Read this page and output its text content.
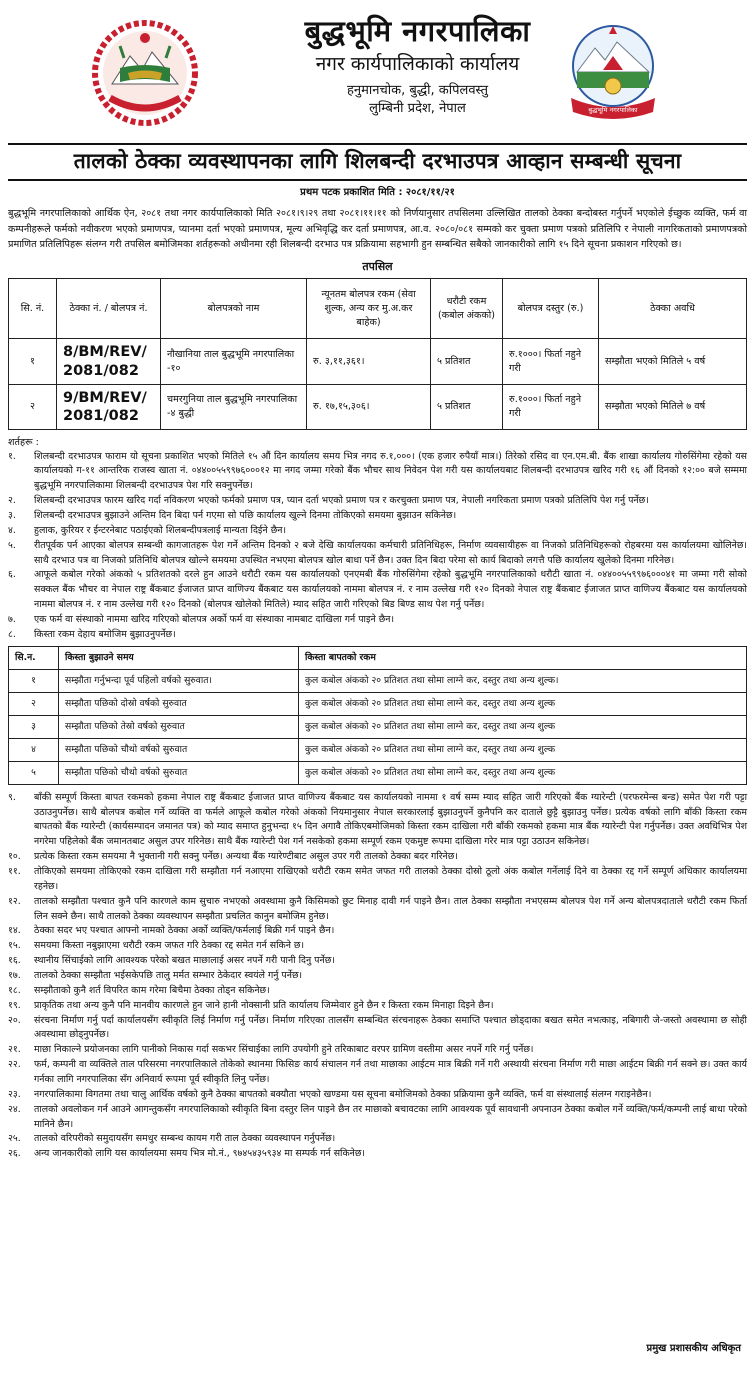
बुद्धभूमि नगरपालिका
नगर कार्यपालिकाको कार्यालय
हनुमानचोक, बुद्धी, कपिलवस्तु
लुम्बिनी प्रदेश, नेपाल	बुद्धभूमि नगरपालिका
तालको ठेक्का व्यवस्थापनका लागि शिलबन्दी दरभाउपत्र आव्हान सम्बन्धी सूचना
प्रथम पटक प्रकाशित मिति : २०८१/११/२१
बुद्धभूमि नगरपालिकाको आर्थिक ऐन, २०८१ तथा नगर कार्यपालिकाको मिति २०८१।९।२९ तथा २०८१।११।११ को निर्णयानुसार तपसिलमा उल्लिखित तालको ठेक्का बन्दोबस्त गर्नुपर्ने भएकोले ईच्छुक व्यक्ति, फर्म वा कम्पनीहरूले फर्मको नवीकरण भएको प्रमाणपत्र, प्यानमा दर्ता भएको प्रमाणपत्र, मूल्य अभिवृद्धि कर दर्ता प्रमाणपत्र, आ.व. २०८०/०८१ सम्मको कर चुक्ता प्रमाण पत्रको प्रतिलिपि र नेपाली नागरिकताको प्रमाणपत्रको प्रमाणित प्रतिलिपिहरू संलग्न गरी तपसिल बमोजिमका शर्तहरूको अधीनमा रही शिलबन्दी दरभाउ पत्र प्रक्रियामा सहभागी हुन सम्बन्धित सबैको जानकारीको लागि १५ दिने सूचना प्रकाशन गरिएको छ।
तपसिल
सि. नं.	ठेक्का नं. / बोलपत्र नं.	बोलपत्रको नाम	न्यूनतम बोलपत्र रकम (सेवा शुल्क, अन्य कर मु.अ.कर बाहेक)	धरौटी रकम (कबोल अंकको)	बोलपत्र दस्तुर (रु.)	ठेक्का अवधि
१	8/BM/REV/ 2081/082	नौखानिया ताल बुद्धभूमि नगरपालिका -१०	रु. ३,११,३६१।	५ प्रतिशत	रु.१०००। फिर्ता नहुने गरी	सम्झौता भएको मितिले ५ वर्ष
२	9/BM/REV/ 2081/082	चमरगुनिया ताल बुद्धभूमि नगरपालिका -४ बुद्धी	रु. १७,१५,३०६।	५ प्रतिशत	रु.१०००। फिर्ता नहुने गरी	सम्झौता भएको मितिले ७ वर्ष
शर्तहरू :
१.	शिलबन्दी दरभाउपत्र फाराम यो सूचना प्रकाशित भएको मितिले १५ औं दिन कार्यालय समय भित्र नगद रु.१,०००। (एक हजार रुपैयाँ मात्र।) तिरेको रसिद वा एन.एम.बी. बैंक शाखा कार्यालय गोरुसिंगेमा रहेको यस कार्यालयको ग-११ आन्तरिक राजस्व खाता नं. ०४४००५५९९७६०००१२ मा नगद जम्मा गरेको बैंक भौचर साथ निवेदन पेश गरी यस कार्यालयबाट शिलबन्दी दरभाउपत्र खरिद गरी १६ औं दिनको १२:०० बजे सम्ममा बुद्धभूमि नगरपालिकामा शिलबन्दी दरभाउपत्र पेश गरि सक्नुपर्नेछ।
२.	शिलबन्दी दरभाउपत्र फारम खरिद गर्दा नविकरण भएको फर्मको प्रमाण पत्र, प्यान दर्ता भएको प्रमाण पत्र र करचुक्ता प्रमाण पत्र, नेपाली नगरिकता प्रमाण पत्रको प्रतिलिपि पेश गर्नु पर्नेछ।
३.	शिलबन्दी दरभाउपत्र बुझाउने अन्तिम दिन बिदा पर्न गएमा सो पछि कार्यालय खुल्ने दिनमा तोकिएको समयमा बुझाउन सकिनेछ।
४.	हुलाक, कुरियर र ईन्टरनेबाट पठाईएको शिलबन्दीपत्रलाई मान्यता दिईने छैन।
५.	रीतपूर्वक पर्न आएका बोलपत्र सम्बन्धी कागजातहरू पेश गर्ने अन्तिम दिनको २ बजे देखि कार्यालयका कर्मचारी प्रतिनिधिहरू, निर्माण व्यवसायीहरू वा निजको प्रतिनिधिहरूको रोहबरमा यस कार्यालयमा खोलिनेछ। साथै दरभाउ पत्र वा निजको प्रतिनिधि बोलपत्र खोल्ने समयमा उपस्थित नभएमा बोलपत्र खोल बाधा पर्ने छैन। उक्त दिन बिदा परेमा सो कार्य बिदाको लगत्तै पछि कार्यालय खुलेको दिनमा गरिनेछ।
६.	आफूले कबोल गरेको अंकको ५ प्रतिशतको दरले हुन आउने धरौटी रकम यस कार्यालयको एनएमबी बैंक गोरुसिंगेमा रहेको बुद्धभूमि नगरपालिकाको धरौटी खाता नं. ०४४००५५९९७६०००४१ मा जम्मा गरी सोको सक्कल बैंक भौचर वा नेपाल राष्ट्र बैंकबाट ईजाजत प्राप्त वाणिज्य बैंकबाट यस कार्यालयको नाममा बोलपत्र नं. र नाम उल्लेख गरी १२० दिनको नेपाल राष्ट्र बैंकबाट ईजाजत प्राप्त वाणिज्य बैंकबाट यस कार्यालयको नाममा बोलपत्र नं. र नाम उल्लेख गरी १२० दिनको (बोलपत्र खोलेको मितिले) म्याद सहित जारी गरिएको बिड बिण्ड साथ पेश गर्नु पर्नेछ।
७.	एक फर्म वा संस्थाको नाममा खरिद गरिएको बोलपत्र अर्को फर्म वा संस्थाका नामबाट दाखिला गर्न पाइने छैन।
८.	किस्ता रकम देहाय बमोजिम बुझाउनुपर्नेछ।
सि.न.	किस्ता बुझाउने समय	किस्ता बापतको रकम
१	सम्झौता गर्नुभन्दा पूर्व पहिलो वर्षको सुरुवात।	कुल कबोल अंकको २० प्रतिशत तथा सोमा लाग्ने कर, दस्तुर तथा अन्य शुल्क।
२	सम्झौता पछिको दोस्रो वर्षको सुरुवात	कुल कबोल अंकको २० प्रतिशत तथा सोमा लाग्ने कर, दस्तुर तथा अन्य शुल्क
३	सम्झौता पछिको तेस्रो वर्षको सुरुवात	कुल कबोल अंकको २० प्रतिशत तथा सोमा लाग्ने कर, दस्तुर तथा अन्य शुल्क
४	सम्झौता पछिको चौथो वर्षको सुरुवात	कुल कबोल अंकको २० प्रतिशत तथा सोमा लाग्ने कर, दस्तुर तथा अन्य शुल्क
५	सम्झौता पछिको चौथो वर्षको सुरुवात	कुल कबोल अंकको २० प्रतिशत तथा सोमा लाग्ने कर, दस्तुर तथा अन्य शुल्क
९.	बाँकी सम्पूर्ण किस्ता बापत रकमको हकमा नेपाल राष्ट्र बैंकबाट ईजाजत प्राप्त वाणिज्य बैंकबाट यस कार्यालयको नाममा १ वर्ष सम्म म्याद सहित जारी गरिएको बैंक ग्यारेन्टी (परफरमेन्स बन्ड) समेत पेश गरी पट्टा उठाउनुपर्नेछ। साथै बोलपत्र कबोल गर्ने व्यक्ति वा फर्मले आफूले कबोल गरेको अंकको नियमानुसार नेपाल सरकारलाई बुझाउनुपर्ने कुनैपनि कर दाताले छुट्टै बुझाउनु पर्नेछ। प्रत्येक वर्षको लागि बाँकी किस्ता रकम बापतको बैंक ग्यारेन्टी (कार्यसम्पादन जमानत पत्र) को म्याद समाप्त हुनुभन्दा १५ दिन अगावै तोकिएबमोजिमको किस्ता रकम दाखिला गरी बाँकी रकमको हकमा मात्र बैंक ग्यारेन्टी पेश गर्नुपर्नेछ। उक्त अवधिभित्र पेश नगरेमा पहिलेको बैंक जमानतबाट असुल उपर गरिनेछ। साथै बैंक ग्यारेन्टी पेश गर्न नसकेको हकमा सम्पूर्ण रकम एकमुष्ट रूपमा दाखिला गरेर मात्र पट्टा उठाउन सकिनेछ।
१०.	प्रत्येक किस्ता रकम समयमा नै भुक्तानी गरी सक्नु पर्नेछ। अन्यथा बैंक ग्यारेण्टीबाट असुल उपर गरी तालको ठेक्का बदर गरिनेछ।
११.	तोकिएको समयमा तोकिएको रकम दाखिला गरी सम्झौता गर्न नआएमा राखिएको धरौटी रकम समेत जफत गरी तालको ठेक्का दोस्रो ठूलो अंक कबोल गर्नेलाई दिने वा ठेक्का रद्द गर्ने सम्पूर्ण अधिकार कार्यालयमा रहनेछ।
१२.	तालको सम्झौता पश्चात कुनै पनि कारणले काम सुचारु नभएको अवस्थामा कुनै किसिमको छुट मिनाह दावी गर्न पाइने छैन। ताल ठेक्का सम्झौता नभएसम्म बोलपत्र पेश गर्ने अन्य बोलपत्रदाताले धरौटी रकम फिर्ता लिन सक्ने छैन। साथै तालको ठेक्का व्यवस्थापन सम्झौता प्रचलित कानुन बमोजिम हुनेछ।
१४.	ठेक्का सदर भए पश्चात आफ्नो नामको ठेक्का अर्को व्यक्ति/फर्मलाई बिक्री गर्न पाइने छैन।
१५.	समयमा किस्ता नबुझाएमा धरौटी रकम जफत गरि ठेक्का रद्द समेत गर्न सकिने छ।
१६.	स्थानीय सिंचाईको लागि आवश्यक परेको बखत माछालाई असर नपर्ने गरी पानी दिनु पर्नेछ।
१७.	तालको ठेक्का सम्झौता भईसकेपछि तालु मर्मत सम्भार ठेकेदार स्वयंले गर्नु पर्नेछ।
१८.	सम्झौताको कुनै शर्त विपरित काम गरेमा बिचैमा ठेक्का तोड्न सकिनेछ।
१९.	प्राकृतिक तथा अन्य कुनै पनि मानवीय कारणले हुन जाने हानी नोक्सानी प्रति कार्यालय जिम्मेवार हुने छैन र किस्ता रकम मिनाहा दिइने छैन।
२०.	संरचना निर्माण गर्नु पर्दा कार्यालयसँग स्वीकृति लिई निर्माण गर्नु पर्नेछ। निर्माण गरिएका तालसँग सम्बन्धित संरचनाहरू ठेक्का समाप्ति पश्चात छोड्दाका बखत समेत नभत्काइ, नबिगारी जे-जस्तो अवस्थामा छ सोही अवस्थामा छोड्नुपर्नेछ।
२१.	माछा निकाल्ने प्रयोजनका लागि पानीको निकास गर्दा सकभर सिंचाईका लागि उपयोगी हुने तरिकाबाट वरपर ग्रामिण वस्तीमा असर नपर्ने गरि गर्नु पर्नेछ।
२२.	फर्म, कम्पनी वा व्यक्तिले ताल परिसरमा नगरपालिकाले तोकेको स्थानमा फिसिङ कार्य संचालन गर्न तथा माछाका आईटम मात्र बिक्री गर्ने गरी अस्थायी संरचना निर्माण गरी माछा आईटम बिक्री गर्न सक्ने छ। उक्त कार्य गर्नका लागि नगरपालिका सँग अनिवार्य रूपमा पूर्व स्वीकृति लिनु पर्नेछ।
२३.	नगरपालिकामा विगतमा तथा चालु आर्थिक वर्षको कुनै ठेक्का बापतको बक्यौता भएको खण्डमा यस सूचना बमोजिमको ठेक्का प्रक्रियामा कुनै व्यक्ति, फर्म वा संस्थालाई संलग्न गराइनेछैन।
२४.	तालको अवलोकन गर्न आउने आगन्तुकसँग नगरपालिकाको स्वीकृति बिना दस्तुर लिन पाइने छैन तर माछाको बचावटका लागि आवश्यक पूर्व सावधानी अपनाउन ठेक्का कबोल गर्ने व्यक्ति/फर्म/कम्पनी लाई बाधा परेको मानिने छैन।
२५.	तालको वरिपरीको समुदायसँग समधुर सम्बन्ध कायम गरी ताल ठेक्का व्यवस्थापन गर्नुपर्नेछ।
२६.	अन्य जानकारीको लागि यस कार्यालयमा समय भित्र मो.नं., ९७४५४३५९३४ मा सम्पर्क गर्न सकिनेछ।
प्रमुख प्रशासकीय अधिकृत
